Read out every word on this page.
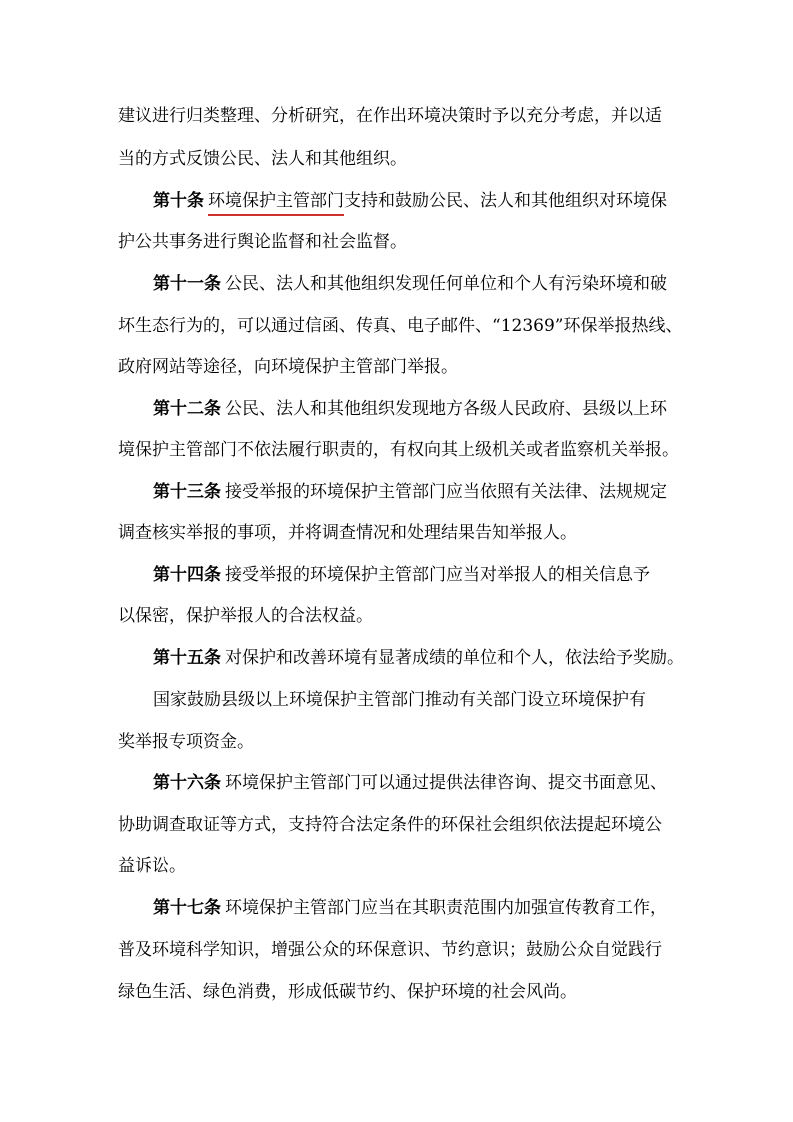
建议进行归类整理、分析研究，在作出环境决策时予以充分考虑，并以适
当的方式反馈公民、法人和其他组织。
第十条 环境保护主管部门支持和鼓励公民、法人和其他组织对环境保
护公共事务进行舆论监督和社会监督。
第十一条 公民、法人和其他组织发现任何单位和个人有污染环境和破
坏生态行为的，可以通过信函、传真、电子邮件、“12369”环保举报热线、
政府网站等途径，向环境保护主管部门举报。
第十二条 公民、法人和其他组织发现地方各级人民政府、县级以上环
境保护主管部门不依法履行职责的，有权向其上级机关或者监察机关举报。
第十三条 接受举报的环境保护主管部门应当依照有关法律、法规规定
调查核实举报的事项，并将调查情况和处理结果告知举报人。
第十四条 接受举报的环境保护主管部门应当对举报人的相关信息予
以保密，保护举报人的合法权益。
第十五条 对保护和改善环境有显著成绩的单位和个人，依法给予奖励。
国家鼓励县级以上环境保护主管部门推动有关部门设立环境保护有
奖举报专项资金。
第十六条 环境保护主管部门可以通过提供法律咨询、提交书面意见、
协助调查取证等方式，支持符合法定条件的环保社会组织依法提起环境公
益诉讼。
第十七条 环境保护主管部门应当在其职责范围内加强宣传教育工作，
普及环境科学知识，增强公众的环保意识、节约意识；鼓励公众自觉践行
绿色生活、绿色消费，形成低碳节约、保护环境的社会风尚。
